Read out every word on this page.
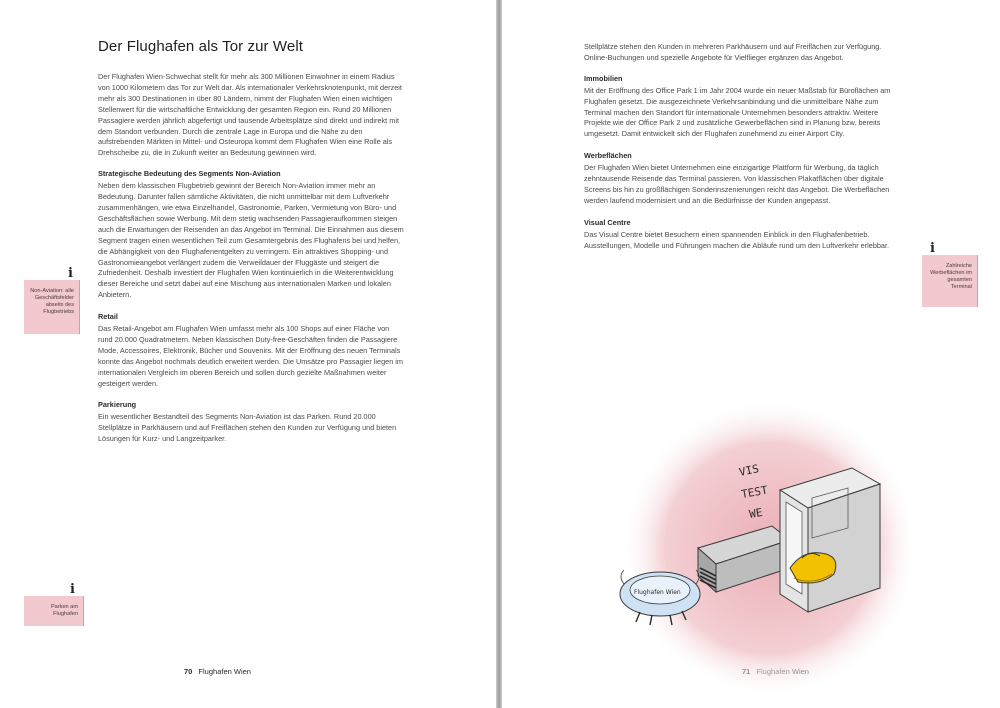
Der Flughafen als Tor zur Welt

Der Flughafen Wien-Schwechat stellt für mehr als 300 Millionen Einwohner in einem Radius von 1000 Kilometern das Tor zur Welt dar. Als internationaler Verkehrsknotenpunkt, mit derzeit mehr als 300 Destinationen in über 80 Ländern, nimmt der Flughafen Wien einen wichtigen Stellenwert für die wirtschaftliche Entwicklung der gesamten Region ein. Rund 20 Millionen Passagiere werden jährlich abgefertigt und tausende Arbeitsplätze sind direkt und indirekt mit dem Standort verbunden. Durch die zentrale Lage in Europa und die Nähe zu den aufstrebenden Märkten in Mittel- und Osteuropa kommt dem Flughafen Wien eine Rolle als Drehscheibe zu, die in Zukunft weiter an Bedeutung gewinnen wird.

Strategische Bedeutung des Segments Non-Aviation
Neben dem klassischen Flugbetrieb gewinnt der Bereich Non-Aviation immer mehr an Bedeutung. Darunter fallen sämtliche Aktivitäten, die nicht unmittelbar mit dem Luftverkehr zusammenhängen, wie etwa Einzelhandel, Gastronomie, Parken, Vermietung von Büro- und Geschäftsflächen sowie Werbung. Mit dem stetig wachsenden Passagieraufkommen steigen auch die Erwartungen der Reisenden an das Angebot im Terminal. Die Einnahmen aus diesem Segment tragen einen wesentlichen Teil zum Gesamtergebnis des Flughafens bei und helfen, die Abhängigkeit von den Flughafenentgelten zu verringern. Ein attraktives Shopping- und Gastronomieangebot verlängert zudem die Verweildauer der Fluggäste und steigert die Zufriedenheit. Deshalb investiert der Flughafen Wien kontinuierlich in die Weiterentwicklung dieser Bereiche und setzt dabei auf eine Mischung aus internationalen Marken und lokalen Anbietern.
Retail
Das Retail-Angebot am Flughafen Wien umfasst mehr als 100 Shops auf einer Fläche von rund 20.000 Quadratmetern. Neben klassischen Duty-free-Geschäften finden die Passagiere Mode, Accessoires, Elektronik, Bücher und Souvenirs. Mit der Eröffnung des neuen Terminals konnte das Angebot nochmals deutlich erweitert werden. Die Umsätze pro Passagier liegen im internationalen Vergleich im oberen Bereich und sollen durch gezielte Maßnahmen weiter gesteigert werden.
Parkierung
Ein wesentlicher Bestandteil des Segments Non-Aviation ist das Parken. Rund 20.000 Stellplätze in Parkhäusern und auf Freiflächen stehen den Kunden zur Verfügung und bieten Lösungen für Kurz- und Langzeitparker.
i
Non-Aviation: alle Geschäftsfelder abseits des Flugbetriebs
i
Parken am Flughafen
70 Flughafen Wien

Stellplätze stehen den Kunden in mehreren Parkhäusern und auf Freiflächen zur Verfügung. Online-Buchungen und spezielle Angebote für Vielflieger ergänzen das Angebot.

Immobilien
Mit der Eröffnung des Office Park 1 im Jahr 2004 wurde ein neuer Maßstab für Büroflächen am Flughafen gesetzt. Die ausgezeichnete Verkehrsanbindung und die unmittelbare Nähe zum Terminal machen den Standort für internationale Unternehmen besonders attraktiv. Weitere Projekte wie der Office Park 2 und zusätzliche Gewerbeflächen sind in Planung bzw. bereits umgesetzt. Damit entwickelt sich der Flughafen zunehmend zu einer Airport City.
Werbeflächen
Der Flughafen Wien bietet Unternehmen eine einzigartige Plattform für Werbung, da täglich zehntausende Reisende das Terminal passieren. Von klassischen Plakatflächen über digitale Screens bis hin zu großflächigen Sonderinszenierungen reicht das Angebot. Die Werbeflächen werden laufend modernisiert und an die Bedürfnisse der Kunden angepasst.
Visual Centre
Das Visual Centre bietet Besuchern einen spannenden Einblick in den Flughafenbetrieb. Ausstellungen, Modelle und Führungen machen die Abläufe rund um den Luftverkehr erlebbar.	i
Zahlreiche Werbeflächen im gesamten Terminal
VIS
TEST
WE
Flughafen Wien
